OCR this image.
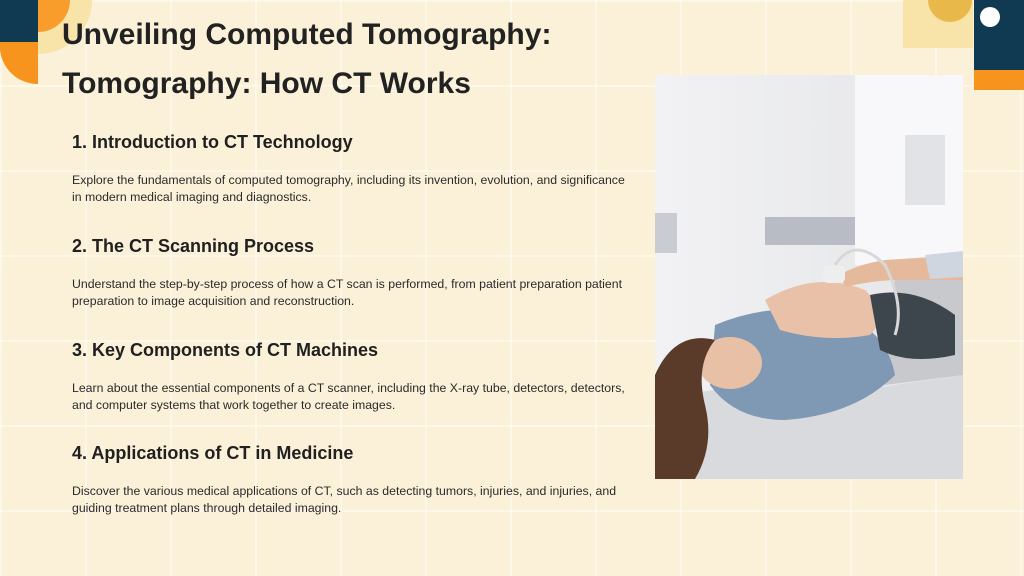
Unveiling Computed Tomography:
Tomography: How CT Works
1. Introduction to CT Technology

Explore the fundamentals of computed tomography, including its invention, evolution, and significance in modern medical imaging and diagnostics.

2. The CT Scanning Process

Understand the step-by-step process of how a CT scan is performed, from patient preparation patient preparation to image acquisition and reconstruction.

3. Key Components of CT Machines

Learn about the essential components of a CT scanner, including the X-ray tube, detectors, detectors, and computer systems that work together to create images.

4. Applications of CT in Medicine

Discover the various medical applications of CT, such as detecting tumors, injuries, and injuries, and guiding treatment plans through detailed imaging.
